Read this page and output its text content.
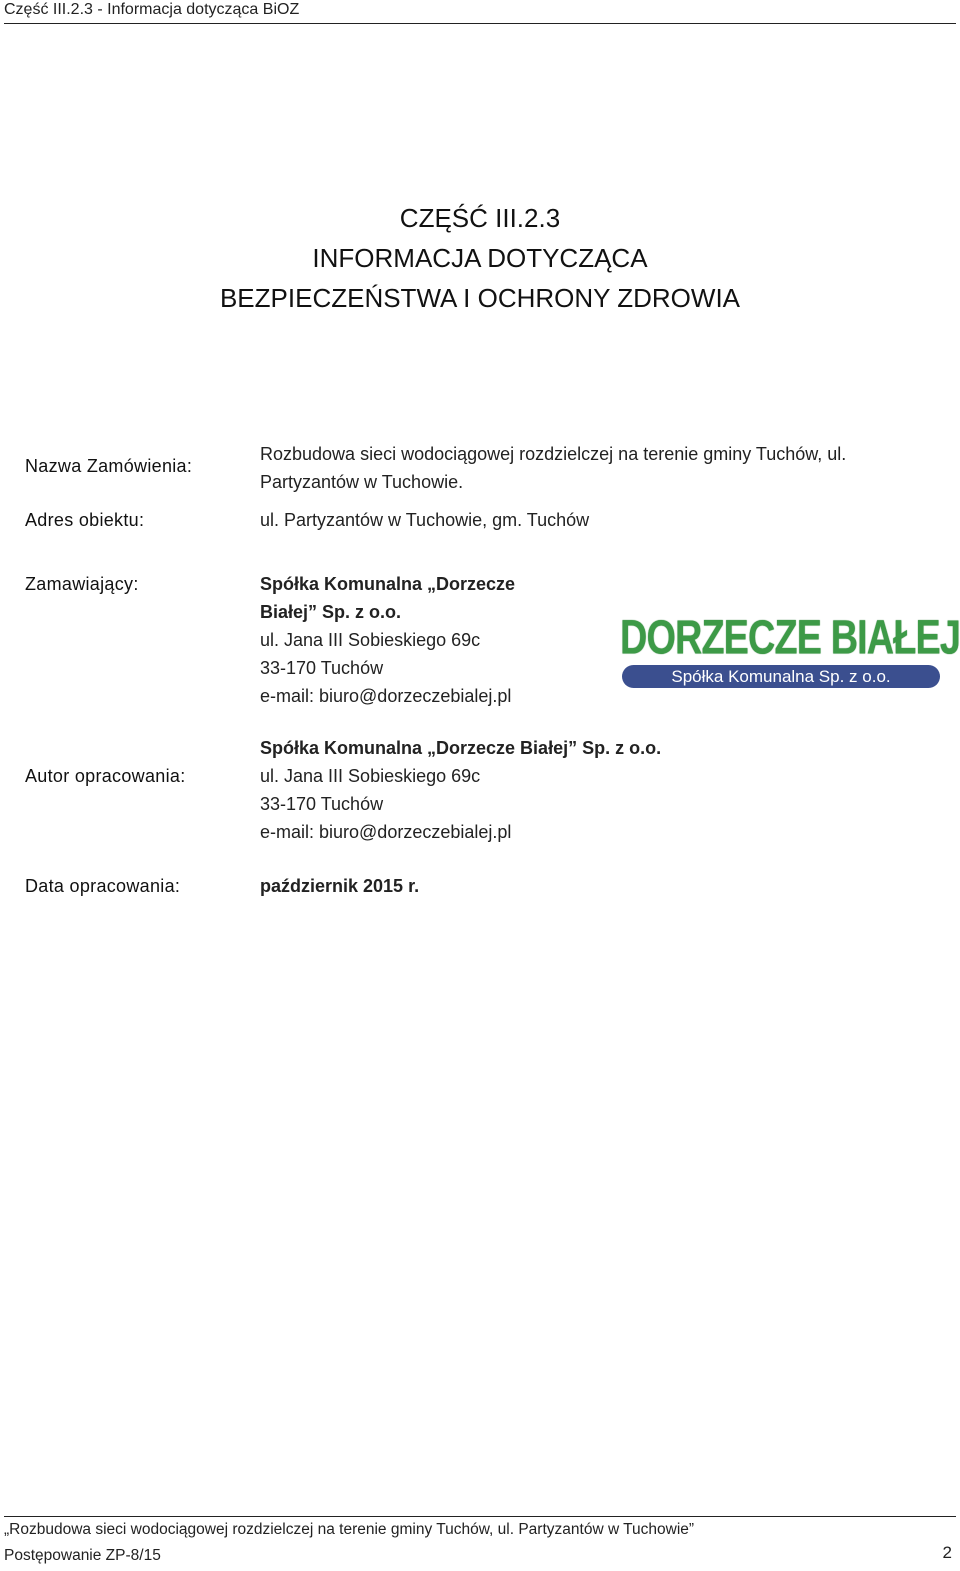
Część III.2.3 - Informacja dotycząca BiOZ
CZĘŚĆ III.2.3
INFORMACJA DOTYCZĄCA
BEZPIECZEŃSTWA I OCHRONY ZDROWIA
Nazwa Zamówienia:
Rozbudowa sieci wodociągowej rozdzielczej na terenie gminy Tuchów, ul.
Partyzantów w Tuchowie.
Adres obiektu:	ul. Partyzantów w Tuchowie, gm. Tuchów
Zamawiający:	Spółka Komunalna „Dorzecze
Białej” Sp. z o.o.
ul. Jana III Sobieskiego 69c
33-170 Tuchów
e-mail: biuro@dorzeczebialej.pl
DORZECZE BIAŁEJ
Spółka Komunalna Sp. z o.o.
Autor opracowania:
Spółka Komunalna „Dorzecze Białej” Sp. z o.o.
ul. Jana III Sobieskiego 69c
33-170 Tuchów
e-mail: biuro@dorzeczebialej.pl
Data opracowania:	październik 2015 r.
„Rozbudowa sieci wodociągowej rozdzielczej na terenie gminy Tuchów, ul. Partyzantów w Tuchowie”
Postępowanie ZP-8/15	2
